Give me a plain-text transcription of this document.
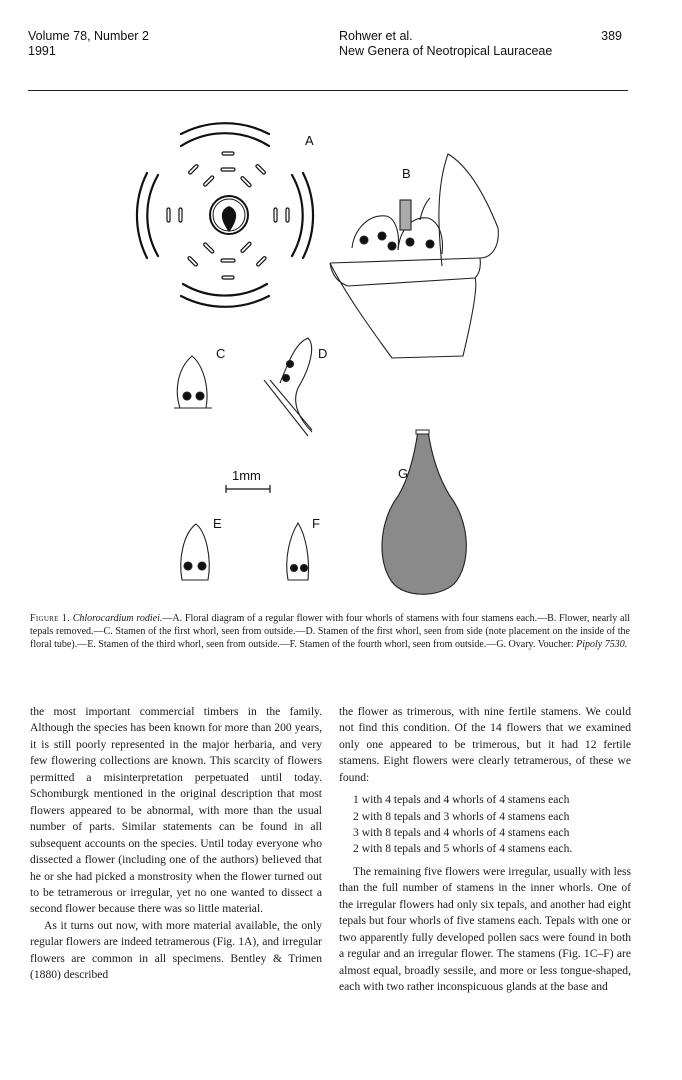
Volume 78, Number 2
1991
Rohwer et al.
New Genera of Neotropical Lauraceae
389
A
B
C	D
1mm	G
E	F
Figure 1. Chlorocardium rodiei.—A. Floral diagram of a regular flower with four whorls of stamens with four stamens each.—B. Flower, nearly all tepals removed.—C. Stamen of the first whorl, seen from outside.—D. Stamen of the first whorl, seen from side (note placement on the inside of the floral tube).—E. Stamen of the third whorl, seen from outside.—F. Stamen of the fourth whorl, seen from outside.—G. Ovary. Voucher: Pipoly 7530.

the most important commercial timbers in the family. Although the species has been known for more than 200 years, it is still poorly represented in the major herbaria, and very few flowering collections are known. This scarcity of flowers permitted a misinterpretation perpetuated until today. Schomburgk mentioned in the original description that most flowers appeared to be abnormal, with more than the usual number of parts. Similar statements can be found in all subsequent accounts on the species. Until today everyone who dissected a flower (including one of the authors) believed that he or she had picked a monstrosity when the flower turned out to be tetramerous or irregular, yet no one wanted to dissect a second flower because there was so little material.

As it turns out now, with more material available, the only regular flowers are indeed tetramerous (Fig. 1A), and irregular flowers are common in all specimens. Bentley & Trimen (1880) described

the flower as trimerous, with nine fertile stamens. We could not find this condition. Of the 14 flowers that we examined only one appeared to be trimerous, but it had 12 fertile stamens. Eight flowers were clearly tetramerous, of these we found:

1 with 4 tepals and 4 whorls of 4 stamens each
2 with 8 tepals and 3 whorls of 4 stamens each
3 with 8 tepals and 4 whorls of 4 stamens each
2 with 8 tepals and 5 whorls of 4 stamens each.

The remaining five flowers were irregular, usually with less than the full number of stamens in the inner whorls. One of the irregular flowers had only six tepals, and another had eight tepals but four whorls of five stamens each. Tepals with one or two apparently fully developed pollen sacs were found in both a regular and an irregular flower. The stamens (Fig. 1C–F) are almost equal, broadly sessile, and more or less tongue-shaped, each with two rather inconspicuous glands at the base and
